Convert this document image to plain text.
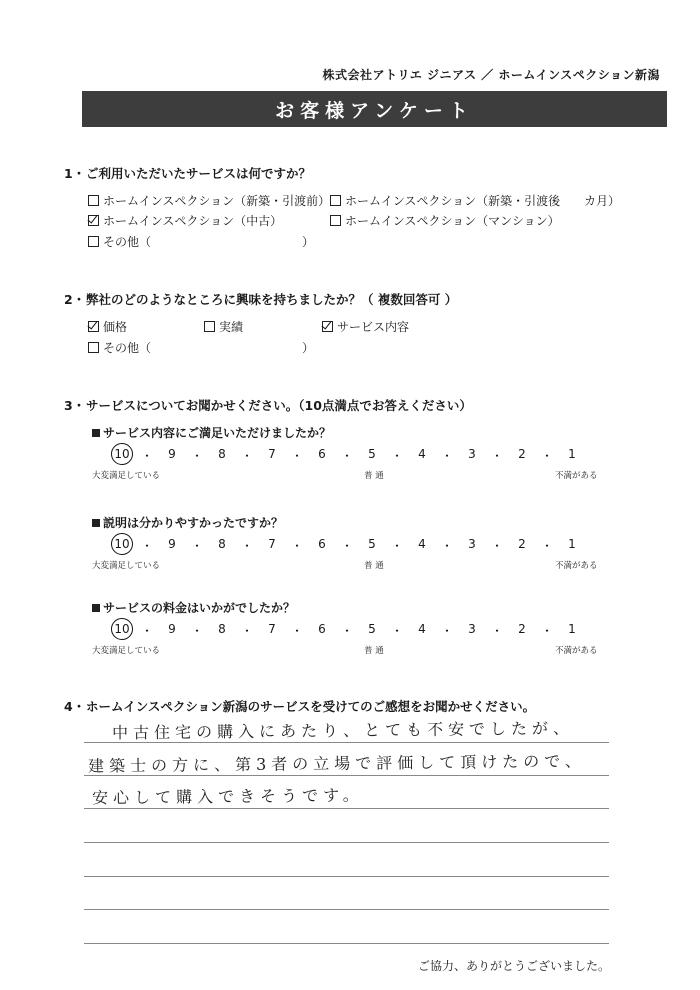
株式会社アトリエ ジニアス ／ ホームインスペクション新潟
お客様アンケート
1・ご利用いただいたサービスは何ですか？
ホームインスペクション（新築・引渡前）	ホームインスペクション（新築・引渡後 カ月）
ホームインスペクション（中古）	ホームインスペクション（マンション）
その他（	）
2・弊社のどのようなところに興味を持ちましたか？（ 複数回答可 ）
価格	実績	サービス内容
その他（	）
3・サービスについてお聞かせください。（10点満点でお答えください）
サービス内容にご満足いただけましたか？
10 ・ 9 ・ 8 ・ 7 ・ 6 ・ 5 ・ 4 ・ 3 ・ 2 ・ 1
大変満足している	普 通	不満がある
説明は分かりやすかったですか？
10 ・ 9 ・ 8 ・ 7 ・ 6 ・ 5 ・ 4 ・ 3 ・ 2 ・ 1
大変満足している	普 通	不満がある
サービスの料金はいかがでしたか？
10 ・ 9 ・ 8 ・ 7 ・ 6 ・ 5 ・ 4 ・ 3 ・ 2 ・ 1
大変満足している	普 通	不満がある
4・ホームインスペクション新潟のサービスを受けてのご感想をお聞かせください。
中古住宅の購入にあたり、とても不安でしたが、
建築士の方に、第3者の立場で評価して頂けたので、
安心して購入できそうです。
ご協力、ありがとうございました。
